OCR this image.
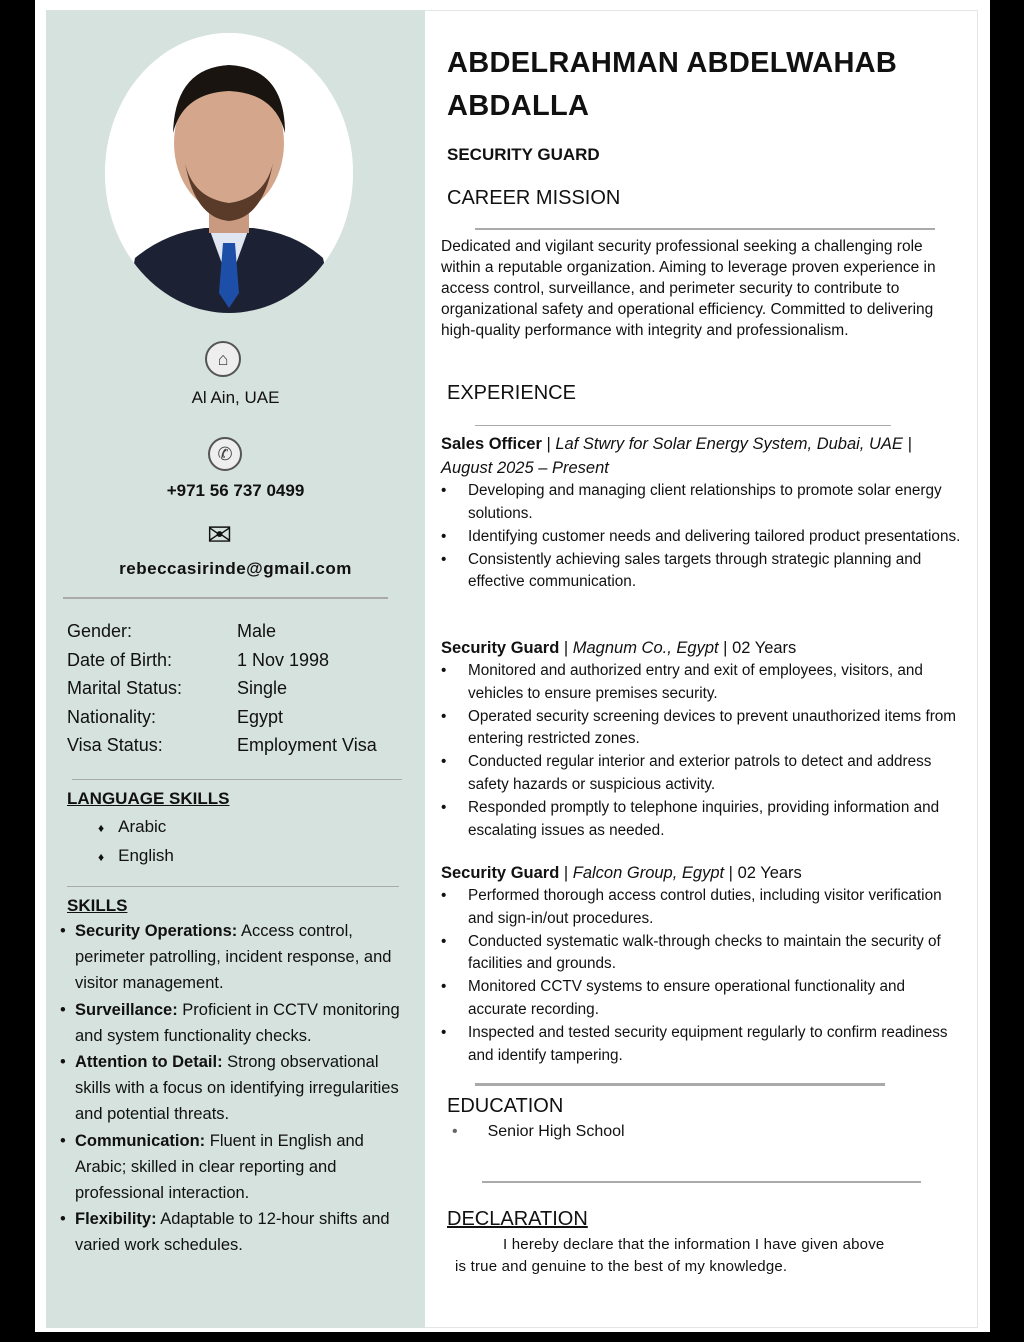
⌂
Al Ain, UAE
✆
+971 56 737 0499
✉
rebeccasirinde@gmail.com
Gender:	Male
Date of Birth:	1 Nov 1998
Marital Status:	Single
Nationality:	Egypt
Visa Status:	Employment Visa
LANGUAGE SKILLS
♦ Arabic
♦ English
SKILLS
• Security Operations: Access control, perimeter patrolling, incident response, and visitor management.
• Surveillance: Proficient in CCTV monitoring and system functionality checks.
• Attention to Detail: Strong observational skills with a focus on identifying irregularities and potential threats.
• Communication: Fluent in English and Arabic; skilled in clear reporting and professional interaction.
• Flexibility: Adaptable to 12-hour shifts and varied work schedules.
ABDELRAHMAN ABDELWAHAB ABDALLA
SECURITY GUARD
CAREER MISSION
Dedicated and vigilant security professional seeking a challenging role within a reputable organization. Aiming to leverage proven experience in access control, surveillance, and perimeter security to contribute to organizational safety and operational efficiency. Committed to delivering high-quality performance with integrity and professionalism.
EXPERIENCE
Sales Officer | Laf Stwry for Solar Energy System, Dubai, UAE | August 2025 – Present
• Developing and managing client relationships to promote solar energy solutions.
• Identifying customer needs and delivering tailored product presentations.
• Consistently achieving sales targets through strategic planning and effective communication.
Security Guard | Magnum Co., Egypt | 02 Years
• Monitored and authorized entry and exit of employees, visitors, and vehicles to ensure premises security.
• Operated security screening devices to prevent unauthorized items from entering restricted zones.
• Conducted regular interior and exterior patrols to detect and address safety hazards or suspicious activity.
• Responded promptly to telephone inquiries, providing information and escalating issues as needed.
Security Guard | Falcon Group, Egypt | 02 Years
• Performed thorough access control duties, including visitor verification and sign-in/out procedures.
• Conducted systematic walk-through checks to maintain the security of facilities and grounds.
• Monitored CCTV systems to ensure operational functionality and accurate recording.
• Inspected and tested security equipment regularly to confirm readiness and identify tampering.
EDUCATION
• Senior High School
DECLARATION
I hereby declare that the information I have given above is true and genuine to the best of my knowledge.
